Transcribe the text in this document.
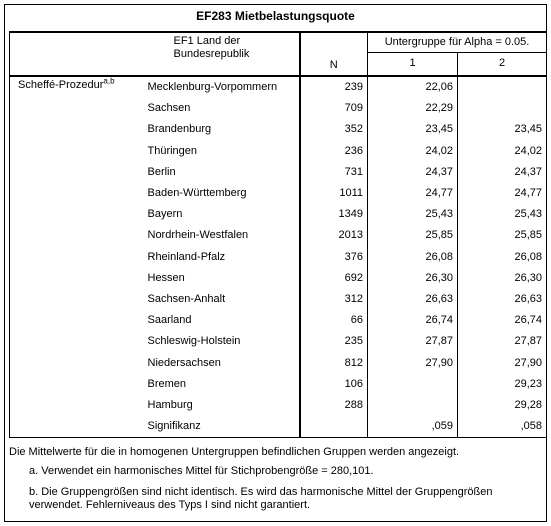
EF283 Mietbelastungsquote
	EF1 Land der Bundesrepublik	N	Untergruppe für Alpha = 0.05.	
			1	2
Scheffé-Prozedur$^{a,b}$	Mecklenburg-Vorpommern	239	22,06	
	Sachsen	709	22,29	
	Brandenburg	352	23,45	23,45
	Thüringen	236	24,02	24,02
	Berlin	731	24,37	24,37
	Baden-Württemberg	1011	24,77	24,77
	Bayern	1349	25,43	25,43
	Nordrhein-Westfalen	2013	25,85	25,85
	Rheinland-Pfalz	376	26,08	26,08
	Hessen	692	26,30	26,30
	Sachsen-Anhalt	312	26,63	26,63
	Saarland	66	26,74	26,74
	Schleswig-Holstein	235	27,87	27,87
	Niedersachsen	812	27,90	27,90
	Bremen	106		29,23
	Hamburg	288		29,28
	Signifikanz		,059	,058

Die Mittelwerte für die in homogenen Untergruppen befindlichen Gruppen werden angezeigt.

a. Verwendet ein harmonisches Mittel für Stichprobengröße = 280,101.

b. Die Gruppengrößen sind nicht identisch. Es wird das harmonische Mittel der Gruppengrößen verwendet. Fehlerniveaus des Typs I sind nicht garantiert.
